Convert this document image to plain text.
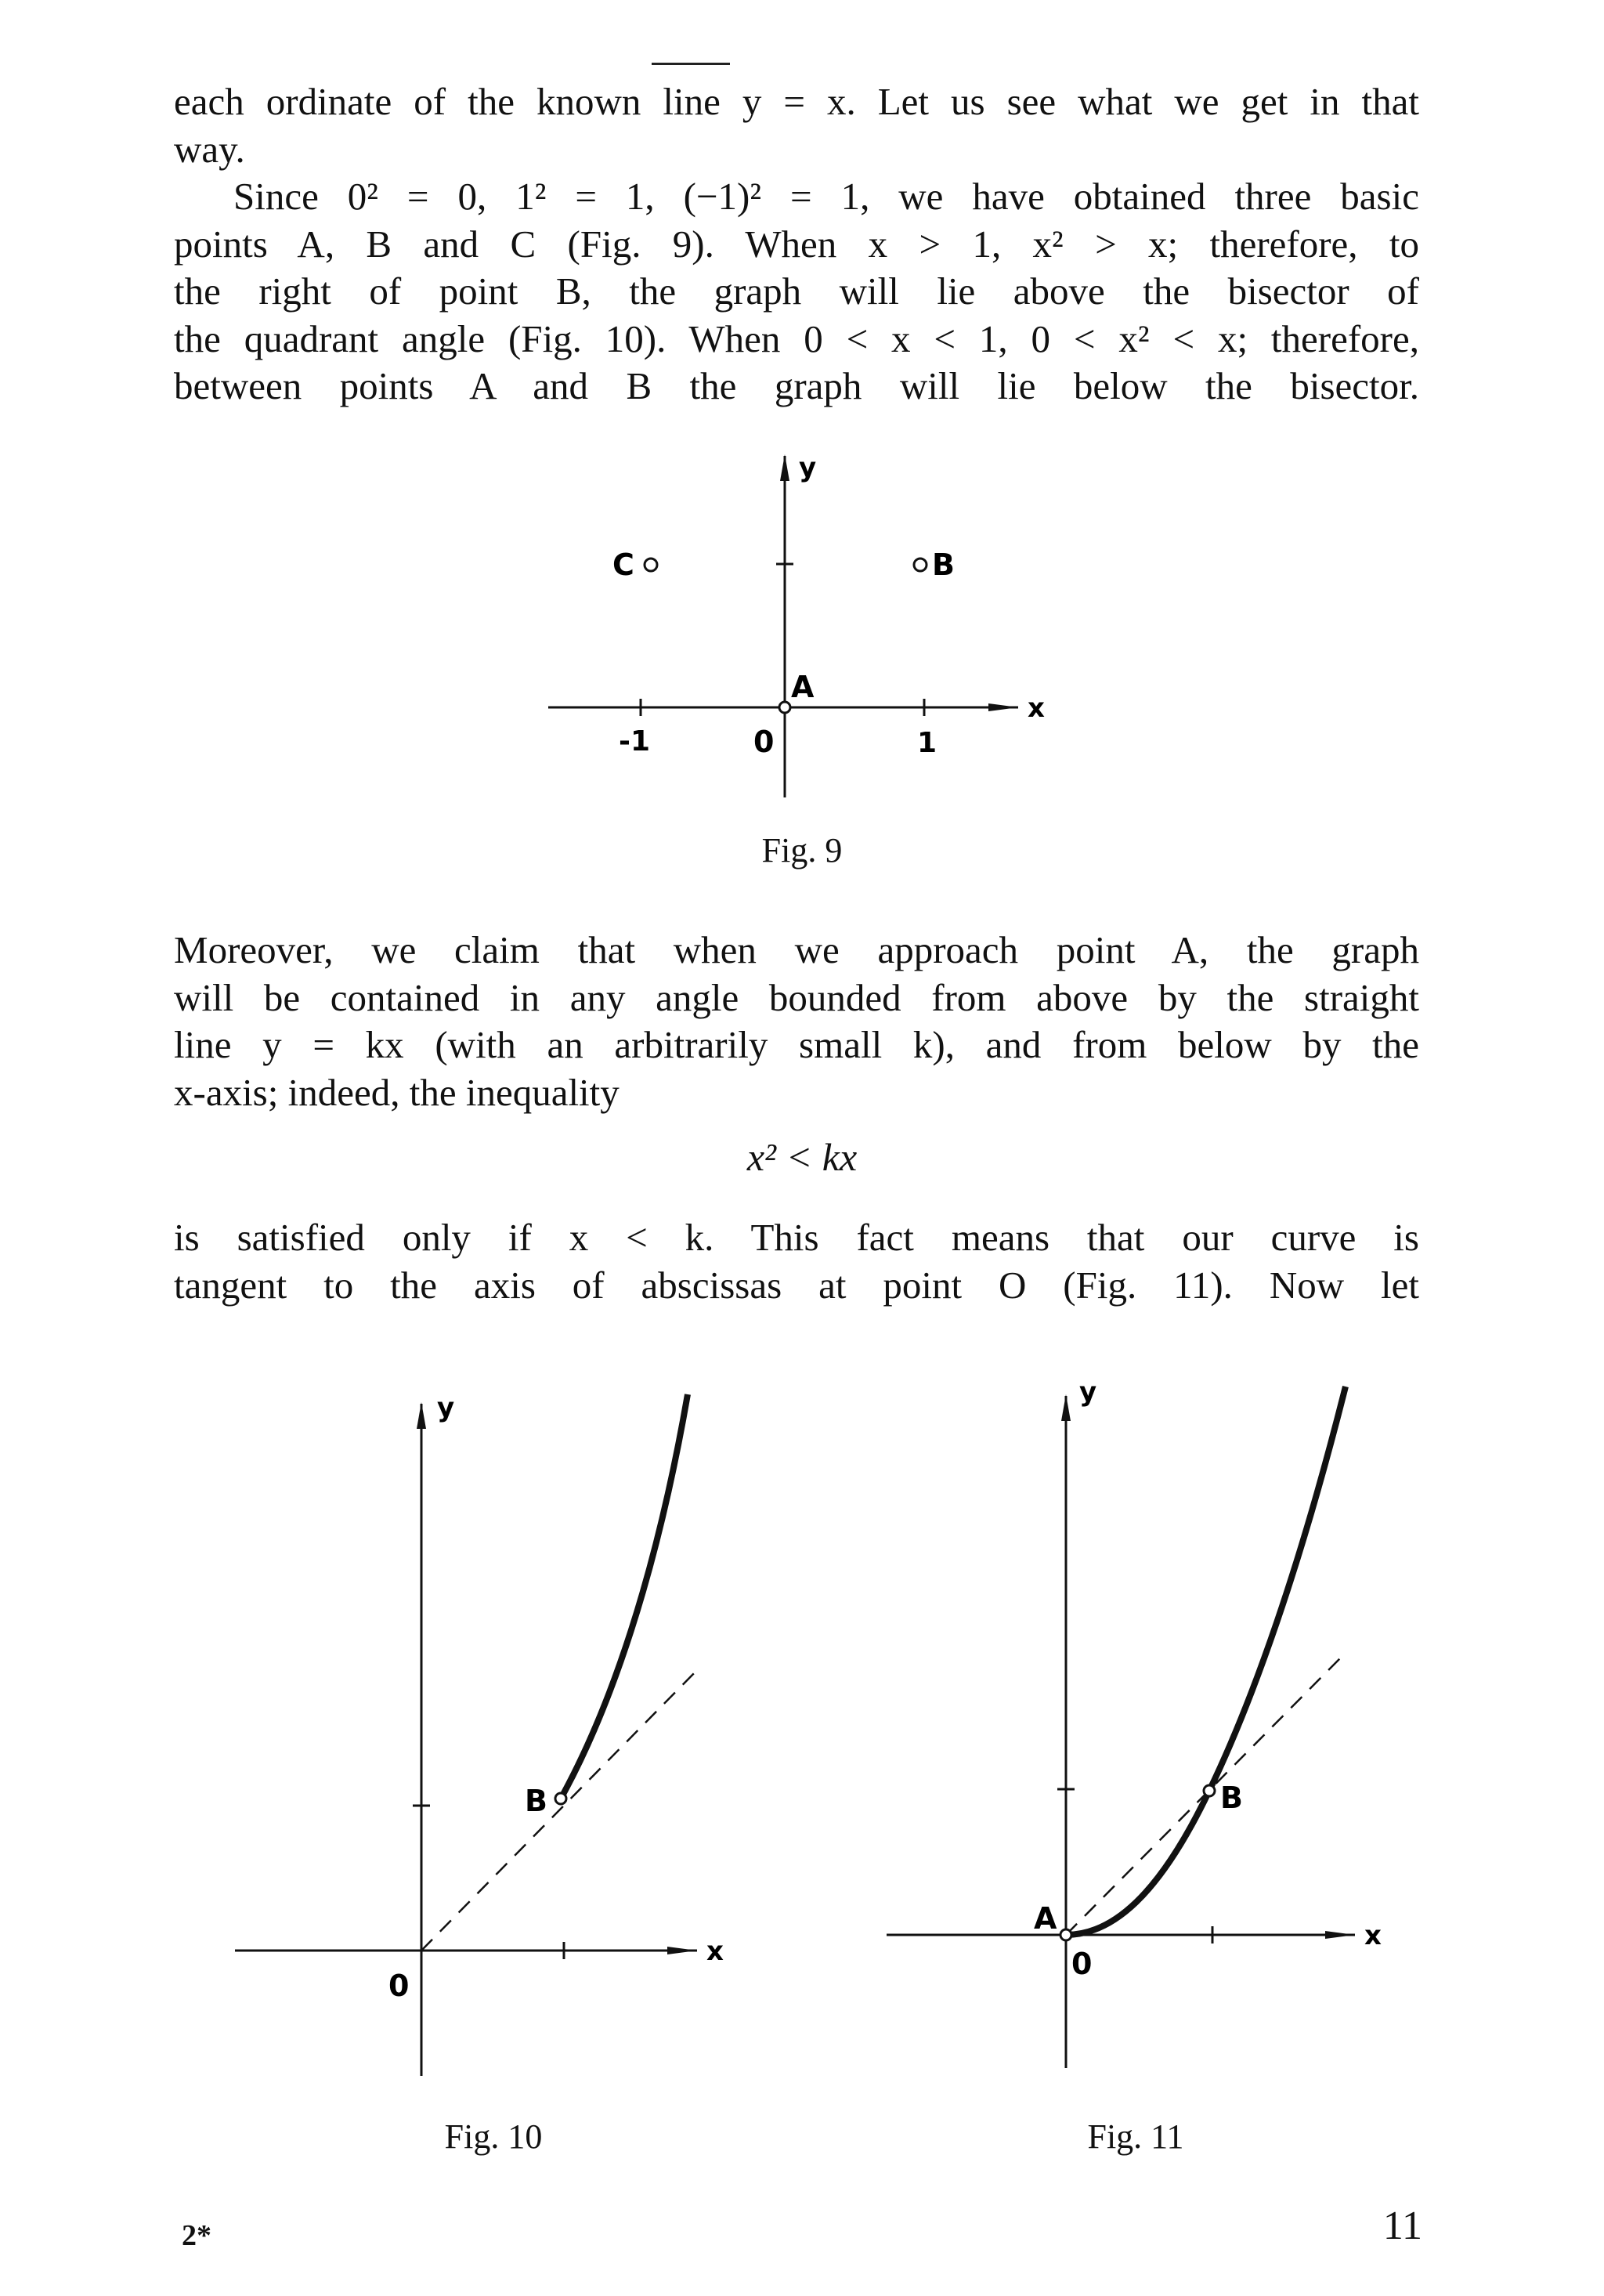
each ordinate of the known line y = x. Let us see what we get in that
way.

Since 0² = 0, 1² = 1, (−1)² = 1, we have obtained three basic
points A, B and C (Fig. 9). When x > 1, x² > x; therefore, to
the right of point B, the graph will lie above the bisector of
the quadrant angle (Fig. 10). When 0 < x < 1, 0 < x² < x; therefore,
between points A and B the graph will lie below the bisector.

y
x
-1	1
0
A
B
C
Fig. 9

Moreover, we claim that when we approach point A, the graph
will be contained in any angle bounded from above by the straight
line y = kx (with an arbitrarily small k), and from below by the
x-axis; indeed, the inequality

x² < kx

is satisfied only if x < k. This fact means that our curve is
tangent to the axis of abscissas at point O (Fig. 11). Now let

y
x
0
B
Fig. 10
y
x
0
A
B
Fig. 11
2*	11
